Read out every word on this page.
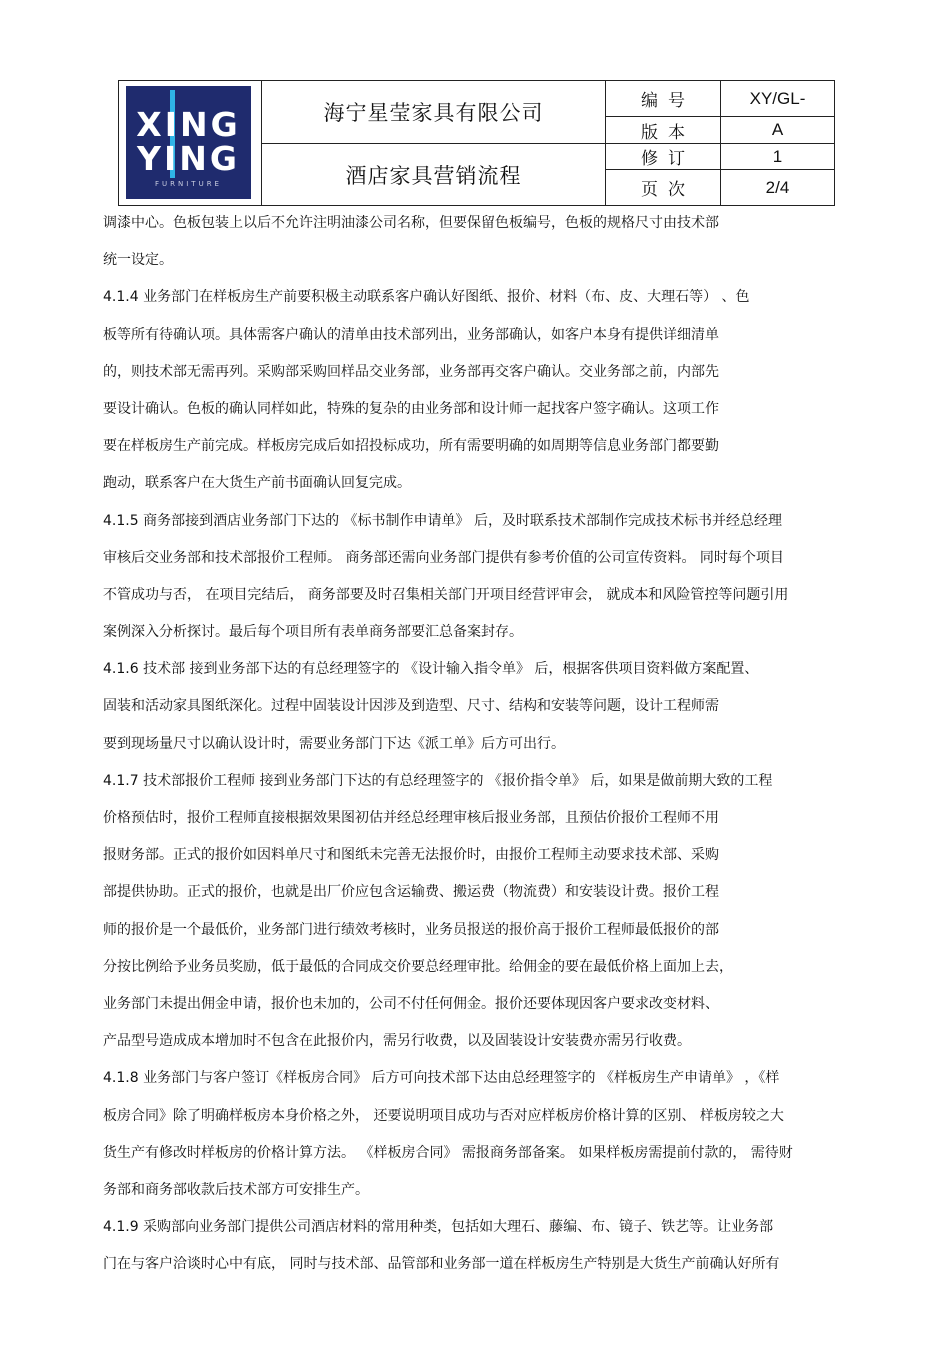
XING
YING
FURNITURE
海宁星莹家具有限公司
酒店家具营销流程
编号	XY/GL-
版本	A
修订	1
页次	2/4
调漆中心。色板包装上以后不允许注明油漆公司名称，但要保留色板编号，色板的规格尺寸由技术部
统一设定。
4.1.4 业务部门在样板房生产前要积极主动联系客户确认好图纸、报价、材料（布、皮、大理石等） 、色
板等所有待确认项。具体需客户确认的清单由技术部列出，业务部确认，如客户本身有提供详细清单
的，则技术部无需再列。采购部采购回样品交业务部，业务部再交客户确认。交业务部之前，内部先
要设计确认。色板的确认同样如此，特殊的复杂的由业务部和设计师一起找客户签字确认。这项工作
要在样板房生产前完成。样板房完成后如招投标成功，所有需要明确的如周期等信息业务部门都要勤
跑动，联系客户在大货生产前书面确认回复完成。
4.1.5 商务部接到酒店业务部门下达的 《标书制作申请单》 后，及时联系技术部制作完成技术标书并经总经理
审核后交业务部和技术部报价工程师。 商务部还需向业务部门提供有参考价值的公司宣传资料。 同时每个项目
不管成功与否， 在项目完结后， 商务部要及时召集相关部门开项目经营评审会， 就成本和风险管控等问题引用
案例深入分析探讨。最后每个项目所有表单商务部要汇总备案封存。
4.1.6 技术部 接到业务部下达的有总经理签字的 《设计输入指令单》 后，根据客供项目资料做方案配置、
固装和活动家具图纸深化。过程中固装设计因涉及到造型、尺寸、结构和安装等问题，设计工程师需
要到现场量尺寸以确认设计时，需要业务部门下达《派工单》后方可出行。
4.1.7 技术部报价工程师 接到业务部门下达的有总经理签字的 《报价指令单》 后，如果是做前期大致的工程
价格预估时，报价工程师直接根据效果图初估并经总经理审核后报业务部，且预估价报价工程师不用
报财务部。正式的报价如因料单尺寸和图纸未完善无法报价时，由报价工程师主动要求技术部、采购
部提供协助。正式的报价，也就是出厂价应包含运输费、搬运费（物流费）和安装设计费。报价工程
师的报价是一个最低价，业务部门进行绩效考核时，业务员报送的报价高于报价工程师最低报价的部
分按比例给予业务员奖励，低于最低的合同成交价要总经理审批。给佣金的要在最低价格上面加上去，
业务部门未提出佣金申请，报价也未加的，公司不付任何佣金。报价还要体现因客户要求改变材料、
产品型号造成成本增加时不包含在此报价内，需另行收费，以及固装设计安装费亦需另行收费。
4.1.8 业务部门与客户签订《样板房合同》 后方可向技术部下达由总经理签字的 《样板房生产申请单》 ，《样
板房合同》除了明确样板房本身价格之外， 还要说明项目成功与否对应样板房价格计算的区别、 样板房较之大
货生产有修改时样板房的价格计算方法。 《样板房合同》 需报商务部备案。 如果样板房需提前付款的， 需待财
务部和商务部收款后技术部方可安排生产。
4.1.9 采购部向业务部门提供公司酒店材料的常用种类，包括如大理石、藤编、布、镜子、铁艺等。让业务部
门在与客户洽谈时心中有底， 同时与技术部、品管部和业务部一道在样板房生产特别是大货生产前确认好所有
